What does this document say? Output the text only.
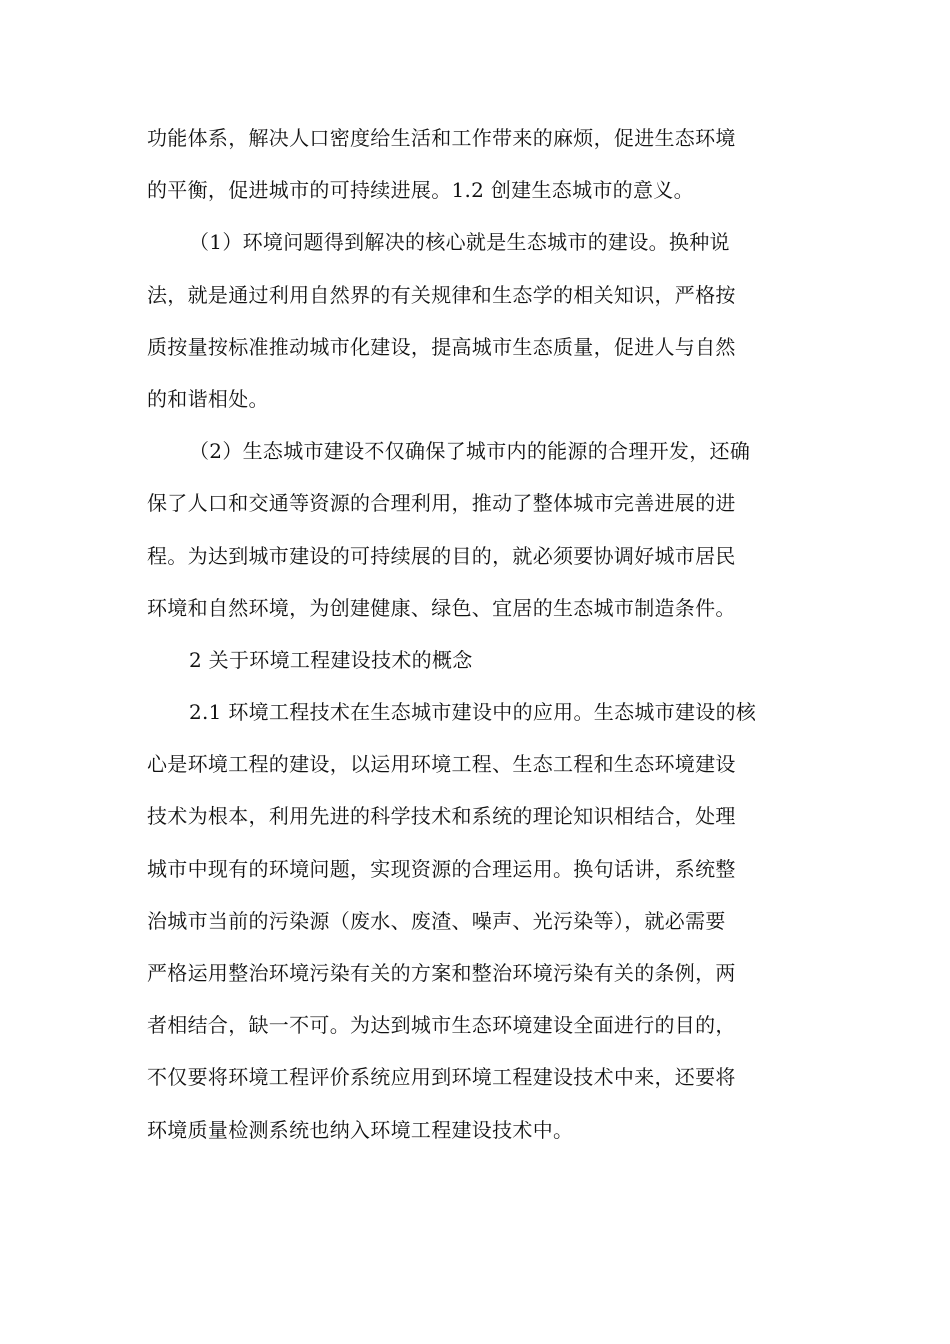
功能体系，解决人口密度给生活和工作带来的麻烦，促进生态环境
的平衡，促进城市的可持续进展。1.2 创建生态城市的意义。
（1）环境问题得到解决的核心就是生态城市的建设。换种说
法，就是通过利用自然界的有关规律和生态学的相关知识，严格按
质按量按标准推动城市化建设，提高城市生态质量，促进人与自然
的和谐相处。
（2）生态城市建设不仅确保了城市内的能源的合理开发，还确
保了人口和交通等资源的合理利用，推动了整体城市完善进展的进
程。为达到城市建设的可持续展的目的，就必须要协调好城市居民
环境和自然环境，为创建健康、绿色、宜居的生态城市制造条件。
2 关于环境工程建设技术的概念
2.1 环境工程技术在生态城市建设中的应用。生态城市建设的核
心是环境工程的建设，以运用环境工程、生态工程和生态环境建设
技术为根本，利用先进的科学技术和系统的理论知识相结合，处理
城市中现有的环境问题，实现资源的合理运用。换句话讲，系统整
治城市当前的污染源（废水、废渣、噪声、光污染等），就必需要
严格运用整治环境污染有关的方案和整治环境污染有关的条例，两
者相结合，缺一不可。为达到城市生态环境建设全面进行的目的，
不仅要将环境工程评价系统应用到环境工程建设技术中来，还要将
环境质量检测系统也纳入环境工程建设技术中。
